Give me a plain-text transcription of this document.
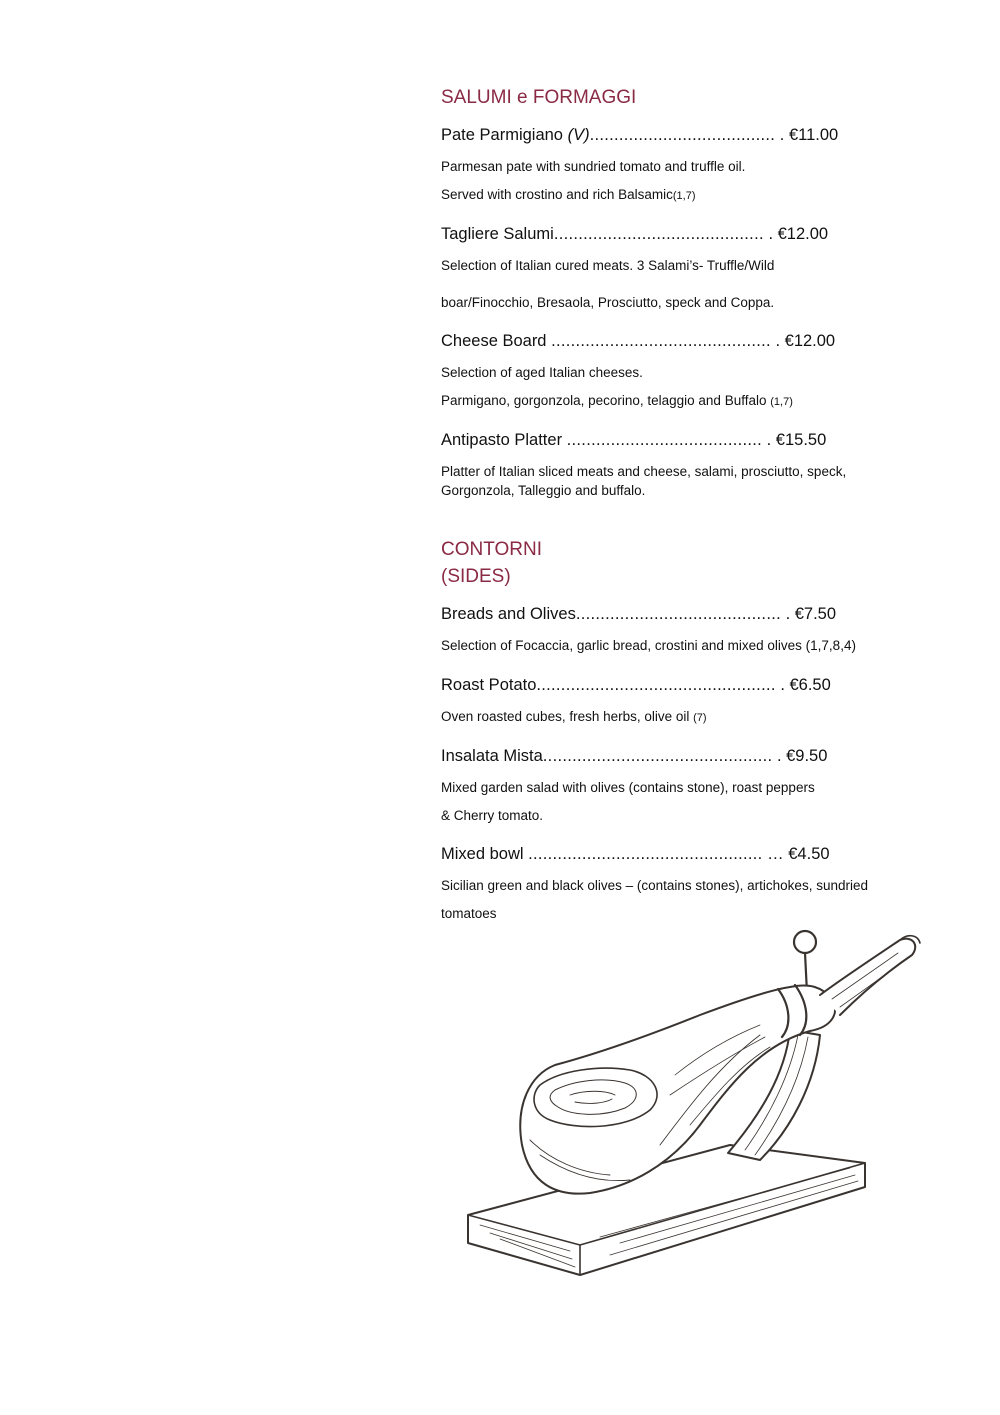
SALUMI e FORMAGGI
Pate Parmigiano (V)...................................... . €11.00
Parmesan pate with sundried tomato and truffle oil.
Served with crostino and rich Balsamic(1,7)
Tagliere Salumi........................................... . €12.00
Selection of Italian cured meats. 3 Salami’s- Truffle/Wild
boar/Finocchio, Bresaola, Prosciutto, speck and Coppa.
Cheese Board ............................................. . €12.00
Selection of aged Italian cheeses.
Parmigano, gorgonzola, pecorino, telaggio and Buffalo (1,7)
Antipasto Platter ........................................ . €15.50
Platter of Italian sliced meats and cheese, salami, prosciutto, speck,
Gorgonzola, Talleggio and buffalo.
CONTORNI
(SIDES)
Breads and Olives.......................................... . €7.50
Selection of Focaccia, garlic bread, crostini and mixed olives (1,7,8,4)
Roast Potato................................................. . €6.50
Oven roasted cubes, fresh herbs, olive oil (7)
Insalata Mista............................................... . €9.50
Mixed garden salad with olives (contains stone), roast peppers
& Cherry tomato.
Mixed bowl ................................................ … €4.50
Sicilian green and black olives – (contains stones), artichokes, sundried
tomatoes
